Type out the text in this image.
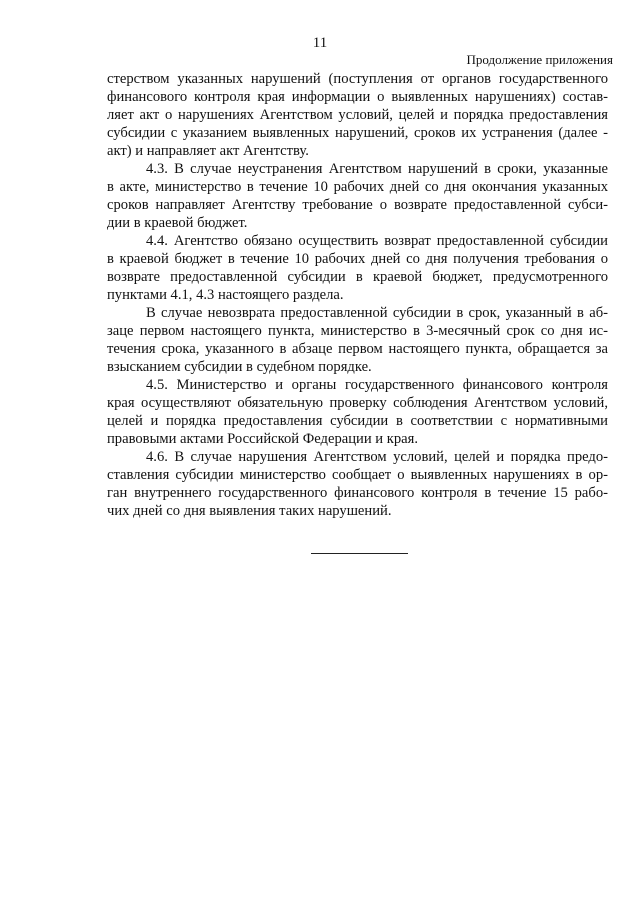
11
Продолжение приложения

стерством указанных нарушений (поступления от органов государственного
финансового контроля края информации о выявленных нарушениях) состав-
ляет акт о нарушениях Агентством условий, целей и порядка предоставления
субсидии с указанием выявленных нарушений, сроков их устранения (далее -
акт) и направляет акт Агентству.

4.3. В случае неустранения Агентством нарушений в сроки, указанные
в акте, министерство в течение 10 рабочих дней со дня окончания указанных
сроков направляет Агентству требование о возврате предоставленной субси-
дии в краевой бюджет.

4.4. Агентство обязано осуществить возврат предоставленной субсидии
в краевой бюджет в течение 10 рабочих дней со дня получения требования о
возврате предоставленной субсидии в краевой бюджет, предусмотренного
пунктами 4.1, 4.3 настоящего раздела.

В случае невозврата предоставленной субсидии в срок, указанный в аб-
заце первом настоящего пункта, министерство в 3-месячный срок со дня ис-
течения срока, указанного в абзаце первом настоящего пункта, обращается за
взысканием субсидии в судебном порядке.

4.5. Министерство и органы государственного финансового контроля
края осуществляют обязательную проверку соблюдения Агентством условий,
целей и порядка предоставления субсидии в соответствии с нормативными
правовыми актами Российской Федерации и края.

4.6. В случае нарушения Агентством условий, целей и порядка предо-
ставления субсидии министерство сообщает о выявленных нарушениях в ор-
ган внутреннего государственного финансового контроля в течение 15 рабо-
чих дней со дня выявления таких нарушений.
